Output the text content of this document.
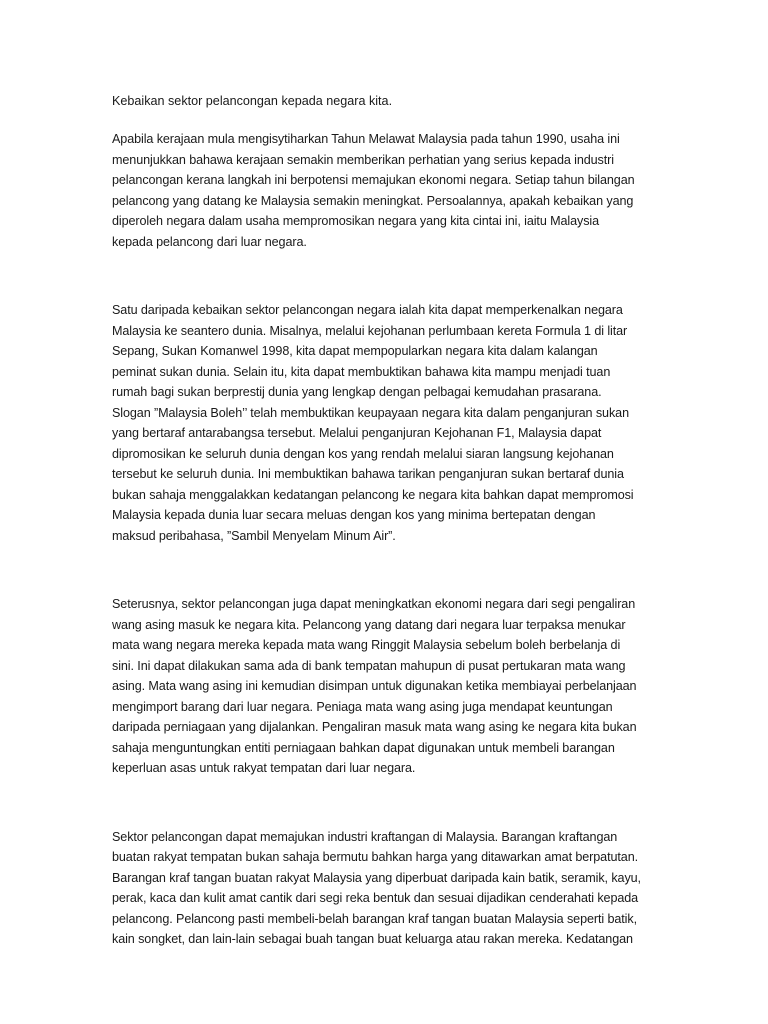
Kebaikan sektor pelancongan kepada negara kita.

Apabila kerajaan mula mengisytiharkan Tahun Melawat Malaysia pada tahun 1990, usaha ini menunjukkan bahawa kerajaan semakin memberikan perhatian yang serius kepada industri pelancongan kerana langkah ini berpotensi memajukan ekonomi negara. Setiap tahun bilangan pelancong yang datang ke Malaysia semakin meningkat. Persoalannya, apakah kebaikan yang diperoleh negara dalam usaha mempromosikan negara yang kita cintai ini, iaitu Malaysia kepada pelancong dari luar negara.

Satu daripada kebaikan sektor pelancongan negara ialah kita dapat memperkenalkan negara Malaysia ke seantero dunia. Misalnya, melalui kejohanan perlumbaan kereta Formula 1 di litar Sepang, Sukan Komanwel 1998, kita dapat mempopularkan negara kita dalam kalangan peminat sukan dunia. Selain itu, kita dapat membuktikan bahawa kita mampu menjadi tuan rumah bagi sukan berprestij dunia yang lengkap dengan pelbagai kemudahan prasarana. Slogan ”Malaysia Boleh’’ telah membuktikan keupayaan negara kita dalam penganjuran sukan yang bertaraf antarabangsa tersebut. Melalui penganjuran Kejohanan F1, Malaysia dapat dipromosikan ke seluruh dunia dengan kos yang rendah melalui siaran langsung kejohanan tersebut ke seluruh dunia. Ini membuktikan bahawa tarikan penganjuran sukan bertaraf dunia bukan sahaja menggalakkan kedatangan pelancong ke negara kita bahkan dapat mempromosi Malaysia kepada dunia luar secara meluas dengan kos yang minima bertepatan dengan maksud peribahasa, ”Sambil Menyelam Minum Air”.

Seterusnya, sektor pelancongan juga dapat meningkatkan ekonomi negara dari segi pengaliran wang asing masuk ke negara kita. Pelancong yang datang dari negara luar terpaksa menukar mata wang negara mereka kepada mata wang Ringgit Malaysia sebelum boleh berbelanja di sini. Ini dapat dilakukan sama ada di bank tempatan mahupun di pusat pertukaran mata wang asing. Mata wang asing ini kemudian disimpan untuk digunakan ketika membiayai perbelanjaan mengimport barang dari luar negara. Peniaga mata wang asing juga mendapat keuntungan daripada perniagaan yang dijalankan. Pengaliran masuk mata wang asing ke negara kita bukan sahaja menguntungkan entiti perniagaan bahkan dapat digunakan untuk membeli barangan keperluan asas untuk rakyat tempatan dari luar negara.

Sektor pelancongan dapat memajukan industri kraftangan di Malaysia. Barangan kraftangan buatan rakyat tempatan bukan sahaja bermutu bahkan harga yang ditawarkan amat berpatutan. Barangan kraf tangan buatan rakyat Malaysia yang diperbuat daripada kain batik, seramik, kayu, perak, kaca dan kulit amat cantik dari segi reka bentuk dan sesuai dijadikan cenderahati kepada pelancong. Pelancong pasti membeli-belah barangan kraf tangan buatan Malaysia seperti batik, kain songket, dan lain-lain sebagai buah tangan buat keluarga atau rakan mereka. Kedatangan
